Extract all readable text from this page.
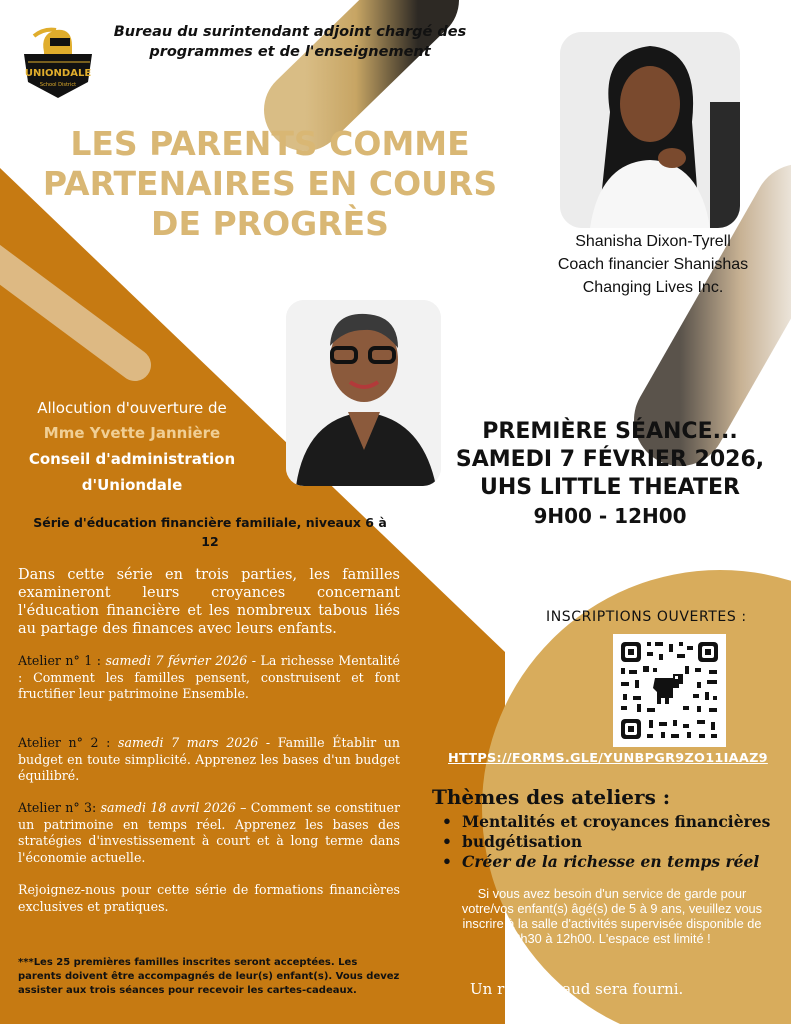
UNIONDALE
School District
Bureau du surintendant adjoint chargé des programmes et de l'enseignement
LES PARENTS COMME PARTENAIRES EN COURS DE PROGRÈS	Shanisha Dixon-Tyrell
Coach financier Shanishas
Changing Lives Inc.
Allocution d'ouverture de
Mme Yvette Jannière
Conseil d'administration d'Uniondale
PREMIÈRE SÉANCE...
SAMEDI 7 FÉVRIER 2026,
UHS LITTLE THEATER
9H00 - 12H00
Série d'éducation financière familiale, niveaux 6 à 12
Dans cette série en trois parties, les familles examineront leurs croyances concernant l'éducation financière et les nombreux tabous liés au partage des finances avec leurs enfants.
Atelier n° 1 : samedi 7 février 2026 - La richesse Mentalité : Comment les familles pensent, construisent et font fructifier leur patrimoine Ensemble.
Atelier n° 2 : samedi 7 mars 2026 - Famille Établir un budget en toute simplicité. Apprenez les bases d'un budget équilibré.
Atelier n° 3: samedi 18 avril 2026 – Comment se constituer un patrimoine en temps réel. Apprenez les bases des stratégies d'investissement à court et à long terme dans l'économie actuelle.
Rejoignez-nous pour cette série de formations financières exclusives et pratiques.
***Les 25 premières familles inscrites seront acceptées. Les parents doivent être accompagnés de leur(s) enfant(s). Vous devez assister aux trois séances pour recevoir les cartes-cadeaux.
INSCRIPTIONS OUVERTES :
HTTPS://FORMS.GLE/YUNBPGR9ZO11IAAZ9
Thèmes des ateliers :
• Mentalités et croyances financières
• budgétisation
• Créer de la richesse en temps réel
Si vous avez besoin d'un service de garde pour votre/vos enfant(s) âgé(s) de 5 à 9 ans, veuillez vous inscrire à la salle d'activités supervisée disponible de 8h30 à 12h00. L'espace est limité !
Un repas chaud sera fourni.
